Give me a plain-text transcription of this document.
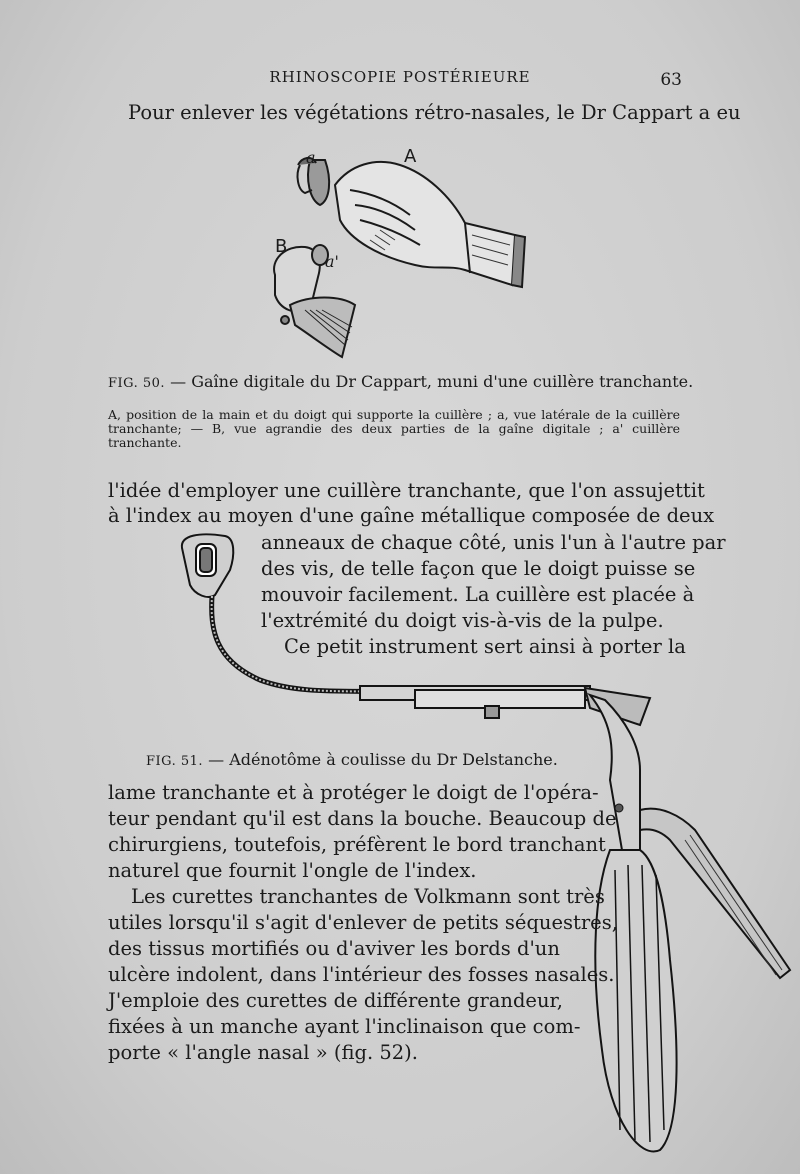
RHINOSCOPIE POSTÉRIEURE	63
Pour enlever les végétations rétro-nasales, le Dr Cappart a eu
a	A
B
a'
FIG. 50. — Gaîne digitale du Dr Cappart, muni d'une cuillère tranchante.
A, position de la main et du doigt qui supporte la cuillère ; a, vue latérale de la cuillère tranchante; — B, vue agrandie des deux parties de la gaîne digitale ; a' cuillère tranchante.
l'idée d'employer une cuillère tranchante, que l'on assujettit
à l'index au moyen d'une gaîne métallique composée de deux
anneaux de chaque côté, unis l'un à l'autre par
des vis, de telle façon que le doigt puisse se
mouvoir facilement. La cuillère est placée à
l'extrémité du doigt vis-à-vis de la pulpe.
Ce petit instrument sert ainsi à porter la
FIG. 51. — Adénotôme à coulisse du Dr Delstanche.
lame tranchante et à protéger le doigt de l'opéra-
teur pendant qu'il est dans la bouche. Beaucoup de
chirurgiens, toutefois, préfèrent le bord tranchant
naturel que fournit l'ongle de l'index.
Les curettes tranchantes de Volkmann sont très
utiles lorsqu'il s'agit d'enlever de petits séquestres,
des tissus mortifiés ou d'aviver les bords d'un
ulcère indolent, dans l'intérieur des fosses nasales.
J'emploie des curettes de différente grandeur,
fixées à un manche ayant l'inclinaison que com-
porte « l'angle nasal » (fig. 52).
